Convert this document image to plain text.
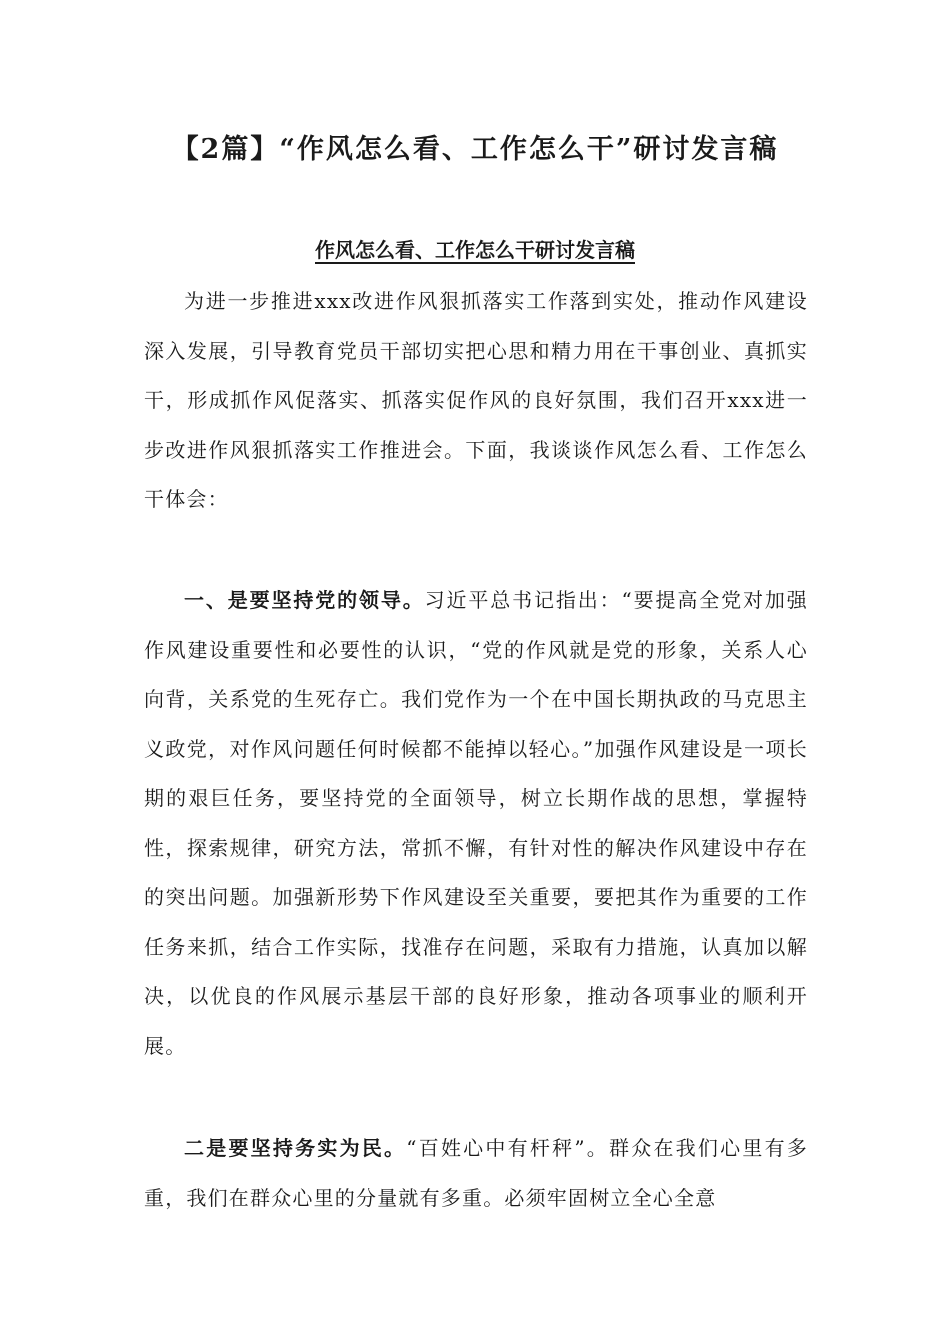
【2篇】“作风怎么看、工作怎么干”研讨发言稿
作风怎么看、工作怎么干研讨发言稿

为进一步推进xxx改进作风狠抓落实工作落到实处，推动作风建设深入发展，引导教育党员干部切实把心思和精力用在干事创业、真抓实干，形成抓作风促落实、抓落实促作风的良好氛围，我们召开xxx进一步改进作风狠抓落实工作推进会。下面，我谈谈作风怎么看、工作怎么干体会：

一、是要坚持党的领导。习近平总书记指出：“要提高全党对加强作风建设重要性和必要性的认识，“党的作风就是党的形象，关系人心向背，关系党的生死存亡。我们党作为一个在中国长期执政的马克思主义政党，对作风问题任何时候都不能掉以轻心。”加强作风建设是一项长期的艰巨任务，要坚持党的全面领导，树立长期作战的思想，掌握特性，探索规律，研究方法，常抓不懈，有针对性的解决作风建设中存在的突出问题。加强新形势下作风建设至关重要，要把其作为重要的工作任务来抓，结合工作实际，找准存在问题，采取有力措施，认真加以解决，以优良的作风展示基层干部的良好形象，推动各项事业的顺利开展。

二是要坚持务实为民。“百姓心中有杆秤”。群众在我们心里有多重，我们在群众心里的分量就有多重。必须牢固树立全心全意
